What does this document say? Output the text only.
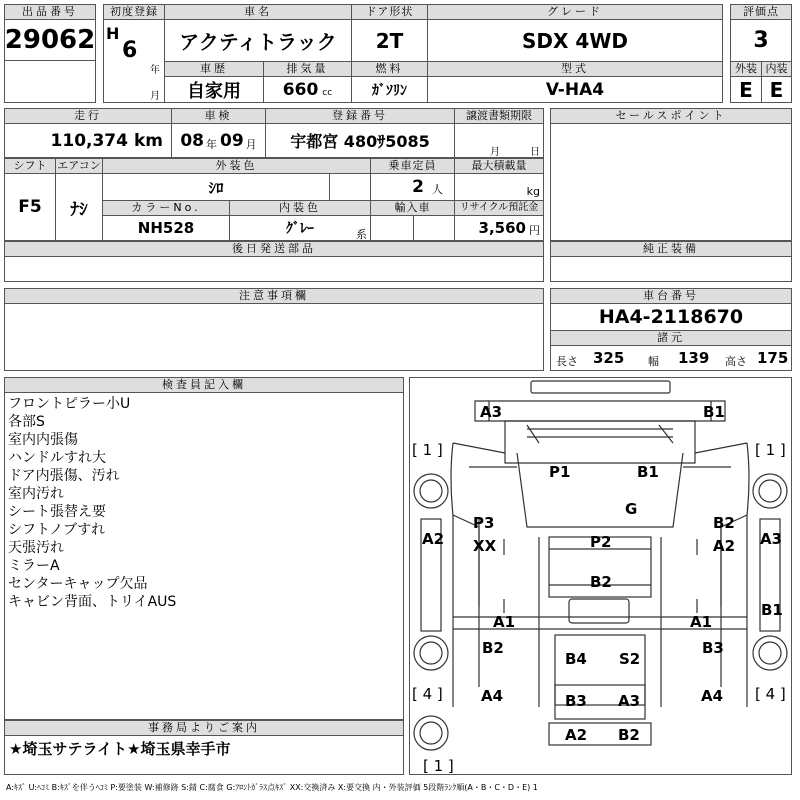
出品番号
29062
初度登録
H
6
年
月
車名
アクティトラック
ドア形状
2T
グレード
SDX 4WD
評価点
3
外装 内装
E E
車歴
自家用
排気量
660 cc
燃料
ｶﾞｿﾘﾝ
型式
V-HA4
走行
110,374 km
車検
08 年 09 月
登録番号
宇都宮 480ｻ5085
譲渡書類期限
月	日
セールスポイント
シフト
F5
エアコン
ﾅｼ
外装色
ｼﾛ
乗車定員
2 人
最大積載量
kg
カラーNo.
NH528
内装色
ｸﾞﾚｰ	系
輸入車	リサイクル預託金
3,560 円
後日発送部品	純正装備
注意事項欄	車台番号
HA4-2118670
諸元
長さ 325 幅 139 高さ 175
検査員記入欄
フロントピラー小U
各部S
室内内張傷
ハンドルすれ大
ドア内張傷、汚れ
室内汚れ
シート張替え要
シフトノブすれ
天張汚れ
ミラーA
センターキャップ欠品
キャビン背面、トリイAUS
事務局よりご案内
★埼玉サテライト★埼玉県幸手市
A3	B1
P1	B1
G
P3
XX	P2
B2
A2
A2	A3
B2
B1
A1	A1
B2
B4 S2
B3
A4	B3 A3	A4
A2 B2
[ 1 ]	[ 1 ]
[ 4 ]	[ 4 ]
[ 1 ]
A:ｷｽﾞ U:ﾍｺﾐ B:ｷｽﾞを伴うﾍｺﾐ P:要塗装 W:補修跡 S:錆 C:腐食 G:ﾌﾛﾝﾄｶﾞﾗｽ点ｷｽﾞ XX:交換済み X:要交換 内・外装評価 5段階ﾗﾝｸ順(A・B・C・D・E) 1
